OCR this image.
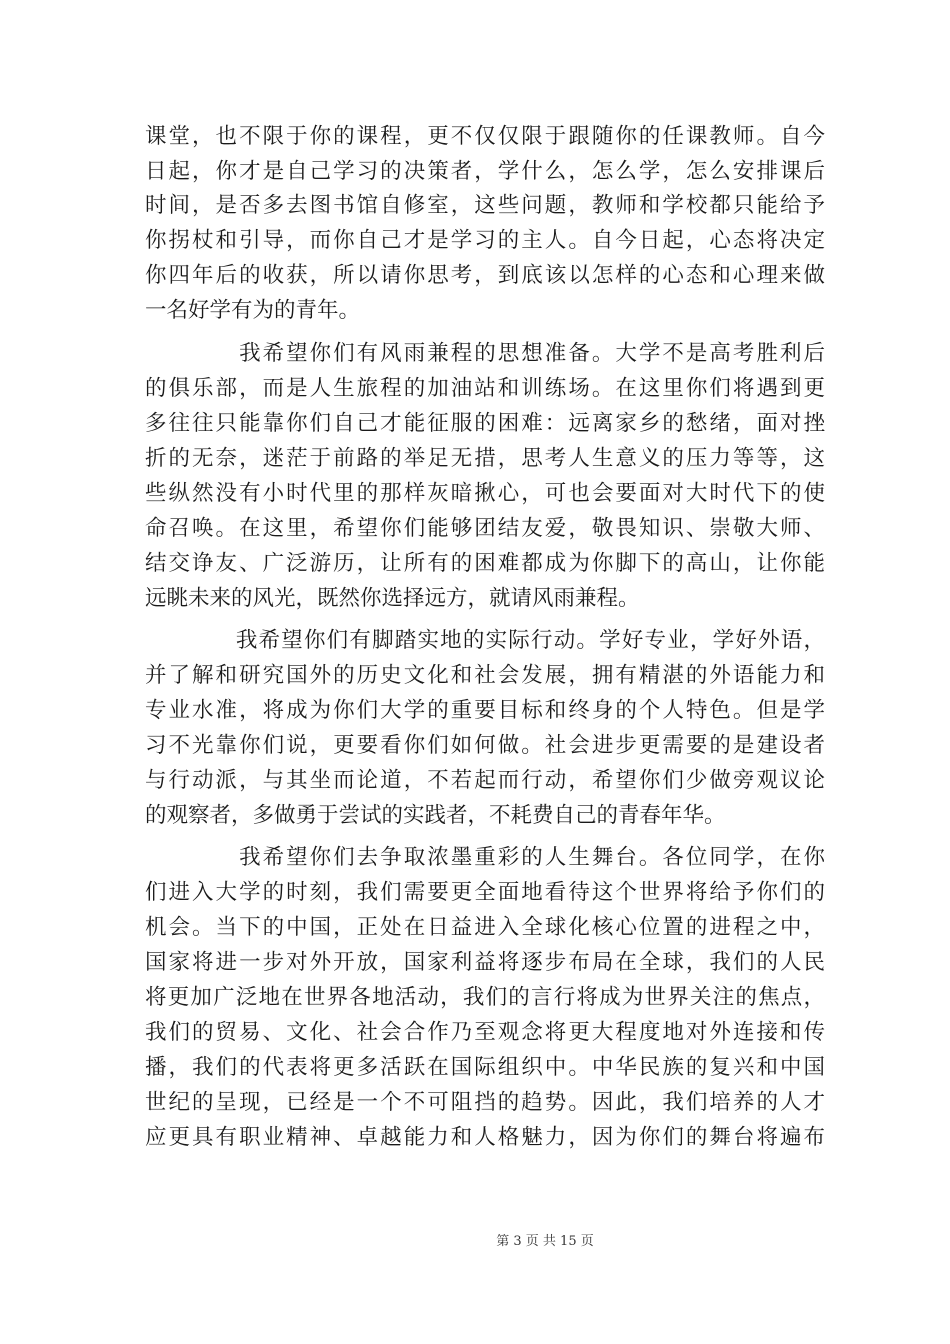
课堂，也不限于你的课程，更不仅仅限于跟随你的任课教师。自今
日起，你才是自己学习的决策者，学什么，怎么学，怎么安排课后
时间，是否多去图书馆自修室，这些问题，教师和学校都只能给予
你拐杖和引导，而你自己才是学习的主人。自今日起，心态将决定
你四年后的收获，所以请你思考，到底该以怎样的心态和心理来做
一名好学有为的青年。
　　　　我希望你们有风雨兼程的思想准备。大学不是高考胜利后
的俱乐部，而是人生旅程的加油站和训练场。在这里你们将遇到更
多往往只能靠你们自己才能征服的困难：远离家乡的愁绪，面对挫
折的无奈，迷茫于前路的举足无措，思考人生意义的压力等等，这
些纵然没有小时代里的那样灰暗揪心，可也会要面对大时代下的使
命召唤。在这里，希望你们能够团结友爱，敬畏知识、崇敬大师、
结交诤友、广泛游历，让所有的困难都成为你脚下的高山，让你能
远眺未来的风光，既然你选择远方，就请风雨兼程。
　　　　我希望你们有脚踏实地的实际行动。学好专业，学好外语，
并了解和研究国外的历史文化和社会发展，拥有精湛的外语能力和
专业水准，将成为你们大学的重要目标和终身的个人特色。但是学
习不光靠你们说，更要看你们如何做。社会进步更需要的是建设者
与行动派，与其坐而论道，不若起而行动，希望你们少做旁观议论
的观察者，多做勇于尝试的实践者，不耗费自己的青春年华。
　　　　我希望你们去争取浓墨重彩的人生舞台。各位同学，在你
们进入大学的时刻，我们需要更全面地看待这个世界将给予你们的
机会。当下的中国，正处在日益进入全球化核心位置的进程之中，
国家将进一步对外开放，国家利益将逐步布局在全球，我们的人民
将更加广泛地在世界各地活动，我们的言行将成为世界关注的焦点，
我们的贸易、文化、社会合作乃至观念将更大程度地对外连接和传
播，我们的代表将更多活跃在国际组织中。中华民族的复兴和中国
世纪的呈现，已经是一个不可阻挡的趋势。因此，我们培养的人才
应更具有职业精神、卓越能力和人格魅力，因为你们的舞台将遍布
第 3 页 共 15 页
